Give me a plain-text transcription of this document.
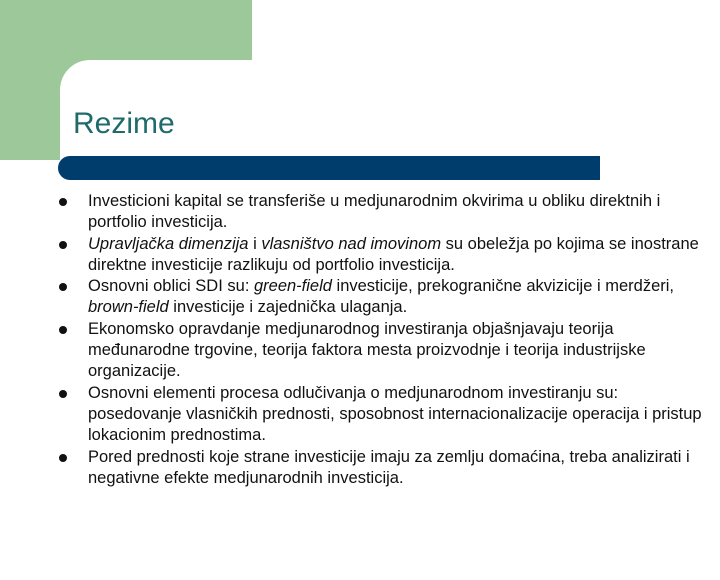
Rezime
Investicioni kapital se transferiše u medjunarodnim okvirima u obliku direktnih i portfolio investicija.
Upravljačka dimenzija i vlasništvo nad imovinom su obeležja po kojima se inostrane direktne investicije razlikuju od portfolio investicija.
Osnovni oblici SDI su: green-field investicije, prekogranične akvizicije i merdžeri, brown-field investicije i zajednička ulaganja.
Ekonomsko opravdanje medjunarodnog investiranja objašnjavaju teorija međunarodne trgovine, teorija faktora mesta proizvodnje i teorija industrijske organizacije.
Osnovni elementi procesa odlučivanja o medjunarodnom investiranju su: posedovanje vlasničkih prednosti, sposobnost internacionalizacije operacija i pristup lokacionim prednostima.
Pored prednosti koje strane investicije imaju za zemlju domaćina, treba analizirati i negativne efekte medjunarodnih investicija.
